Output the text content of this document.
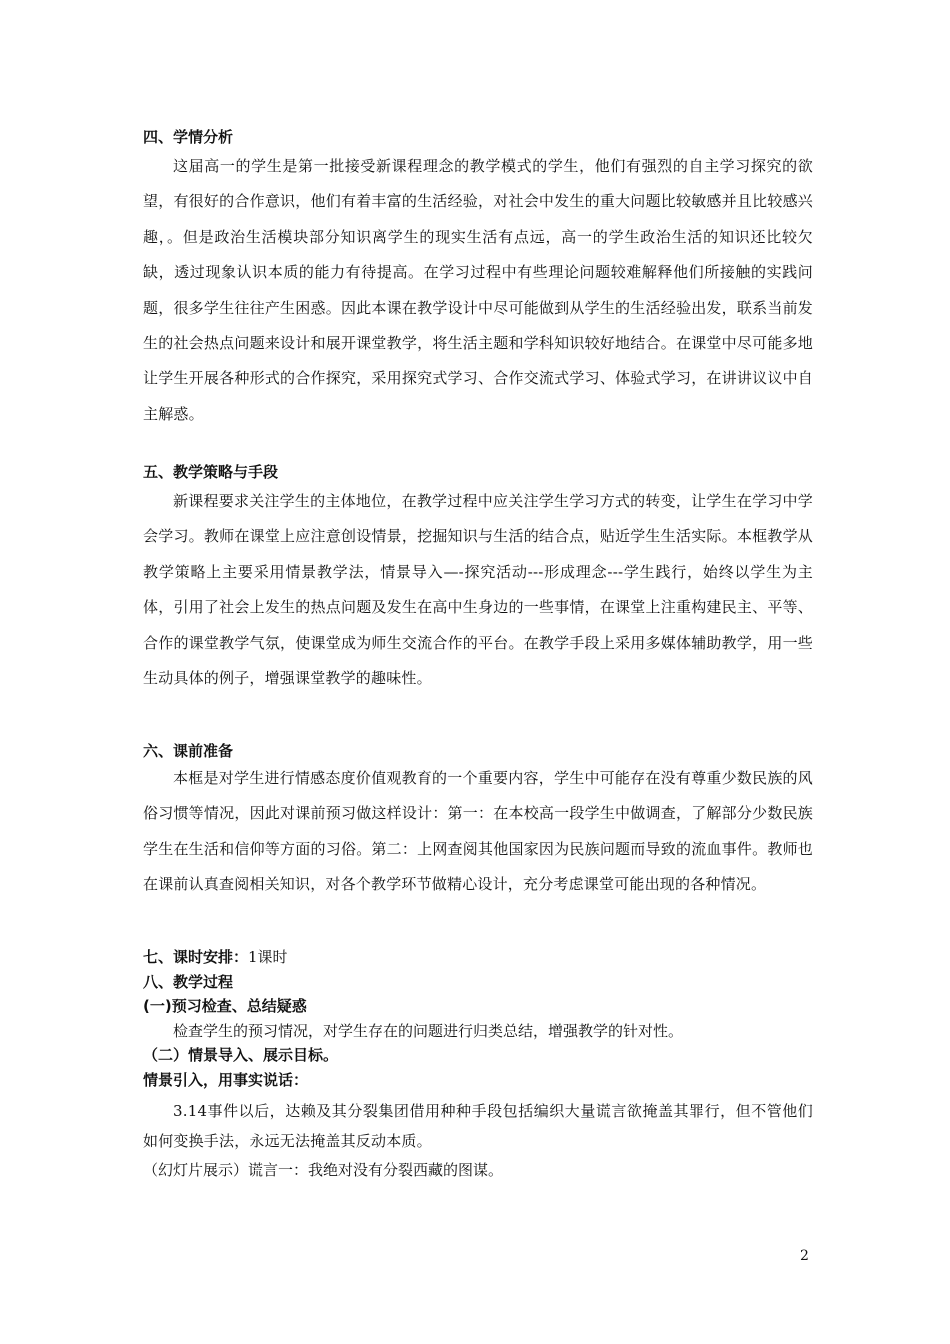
四、学情分析

这届高一的学生是第一批接受新课程理念的教学模式的学生，他们有强烈的自主学习探究的欲望，有很好的合作意识，他们有着丰富的生活经验，对社会中发生的重大问题比较敏感并且比较感兴趣，。但是政治生活模块部分知识离学生的现实生活有点远，高一的学生政治生活的知识还比较欠缺，透过现象认识本质的能力有待提高。在学习过程中有些理论问题较难解释他们所接触的实践问题，很多学生往往产生困惑。因此本课在教学设计中尽可能做到从学生的生活经验出发，联系当前发生的社会热点问题来设计和展开课堂教学，将生活主题和学科知识较好地结合。在课堂中尽可能多地让学生开展各种形式的合作探究，采用探究式学习、合作交流式学习、体验式学习，在讲讲议议中自主解惑。

五、教学策略与手段

新课程要求关注学生的主体地位，在教学过程中应关注学生学习方式的转变，让学生在学习中学会学习。教师在课堂上应注意创设情景，挖掘知识与生活的结合点，贴近学生生活实际。本框教学从教学策略上主要采用情景教学法，情景导入—-探究活动---形成理念---学生践行，始终以学生为主体，引用了社会上发生的热点问题及发生在高中生身边的一些事情，在课堂上注重构建民主、平等、合作的课堂教学气氛，使课堂成为师生交流合作的平台。在教学手段上采用多媒体辅助教学，用一些生动具体的例子，增强课堂教学的趣味性。

六、课前准备

本框是对学生进行情感态度价值观教育的一个重要内容，学生中可能存在没有尊重少数民族的风俗习惯等情况，因此对课前预习做这样设计：第一：在本校高一段学生中做调查，了解部分少数民族学生在生活和信仰等方面的习俗。第二：上网查阅其他国家因为民族问题而导致的流血事件。教师也在课前认真查阅相关知识，对各个教学环节做精心设计，充分考虑课堂可能出现的各种情况。

七、课时安排：1课时

八、教学过程
(一)预习检查、总结疑惑

检查学生的预习情况，对学生存在的问题进行归类总结，增强教学的针对性。

（二）情景导入、展示目标。
情景引入，用事实说话：

3.14事件以后，达赖及其分裂集团借用种种手段包括编织大量谎言欲掩盖其罪行，但不管他们如何变换手法，永远无法掩盖其反动本质。

（幻灯片展示）谎言一：我绝对没有分裂西藏的图谋。

2
